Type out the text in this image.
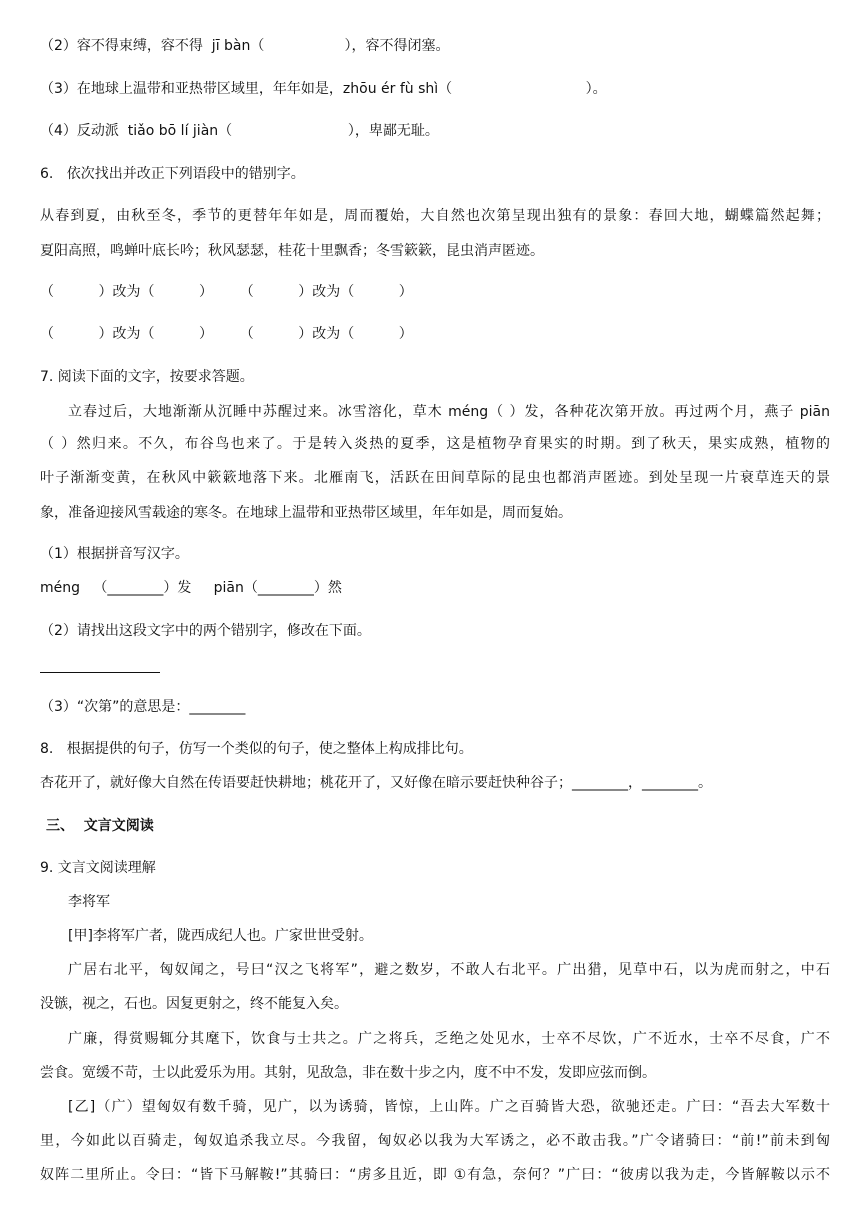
（2）容不得束缚，容不得  jī bàn（                  ），容不得闭塞。
（3）在地球上温带和亚热带区域里，年年如是，zhōu ér fù shì（                              ）。
（4）反动派  tiǎo bō lí jiàn（                          ），卑鄙无耻。
6.   依次找出并改正下列语段中的错别字。
从春到夏，由秋至冬，季节的更替年年如是，周而覆始，大自然也次第呈现出独有的景象：春回大地，蝴蝶篇然起舞；
夏阳高照，鸣蝉叶底长吟；秋风瑟瑟，桂花十里飘香；冬雪簌簌，昆虫消声匿迹。
（          ）改为（          ）      （          ）改为（          ）
（          ）改为（          ）      （          ）改为（          ）
7. 阅读下面的文字，按要求答题。
立春过后，大地渐渐从沉睡中苏醒过来。冰雪溶化，草木 méng（ ）发，各种花次第开放。再过两个月，燕子 piān
（ ）然归来。不久，布谷鸟也来了。于是转入炎热的夏季，这是植物孕育果实的时期。到了秋天，果实成熟，植物的
叶子渐渐变黄，在秋风中簌簌地落下来。北雁南飞，活跃在田间草际的昆虫也都消声匿迹。到处呈现一片衰草连天的景
象，准备迎接风雪载途的寒冬。在地球上温带和亚热带区域里，年年如是，周而复始。
（1）根据拼音写汉字。
méng   （________）发     piān（________）然
（2）请找出这段文字中的两个错别字，修改在下面。
（3）“次第”的意思是：________
8.   根据提供的句子，仿写一个类似的句子，使之整体上构成排比句。
杏花开了，就好像大自然在传语要赶快耕地；桃花开了，又好像在暗示要赶快种谷子；________，________。
三、  文言文阅读
9. 文言文阅读理解
李将军
[甲]李将军广者，陇西成纪人也。广家世世受射。
广居右北平，匈奴闻之，号曰“汉之飞将军”，避之数岁，不敢人右北平。广出猎，见草中石，以为虎而射之，中石
没镞，视之，石也。因复更射之，终不能复入矣。
广廉，得赏赐辄分其麾下，饮食与士共之。广之将兵，乏绝之处见水，士卒不尽饮，广不近水，士卒不尽食，广不
尝食。宽缓不苛，士以此爱乐为用。其射，见敌急，非在数十步之内，度不中不发，发即应弦而倒。
[乙]（广）望匈奴有数千骑，见广，以为诱骑，皆惊，上山阵。广之百骑皆大恐，欲驰还走。广曰：“吾去大军数十
里，今如此以百骑走，匈奴追杀我立尽。今我留，匈奴必以我为大军诱之，必不敢击我。”广令诸骑曰：“前!”前未到匈
奴阵二里所止。令曰：“皆下马解鞍!”其骑曰：“虏多且近，即 ①有急，奈何？”广曰：“彼虏以我为走，今皆解鞍以示不
